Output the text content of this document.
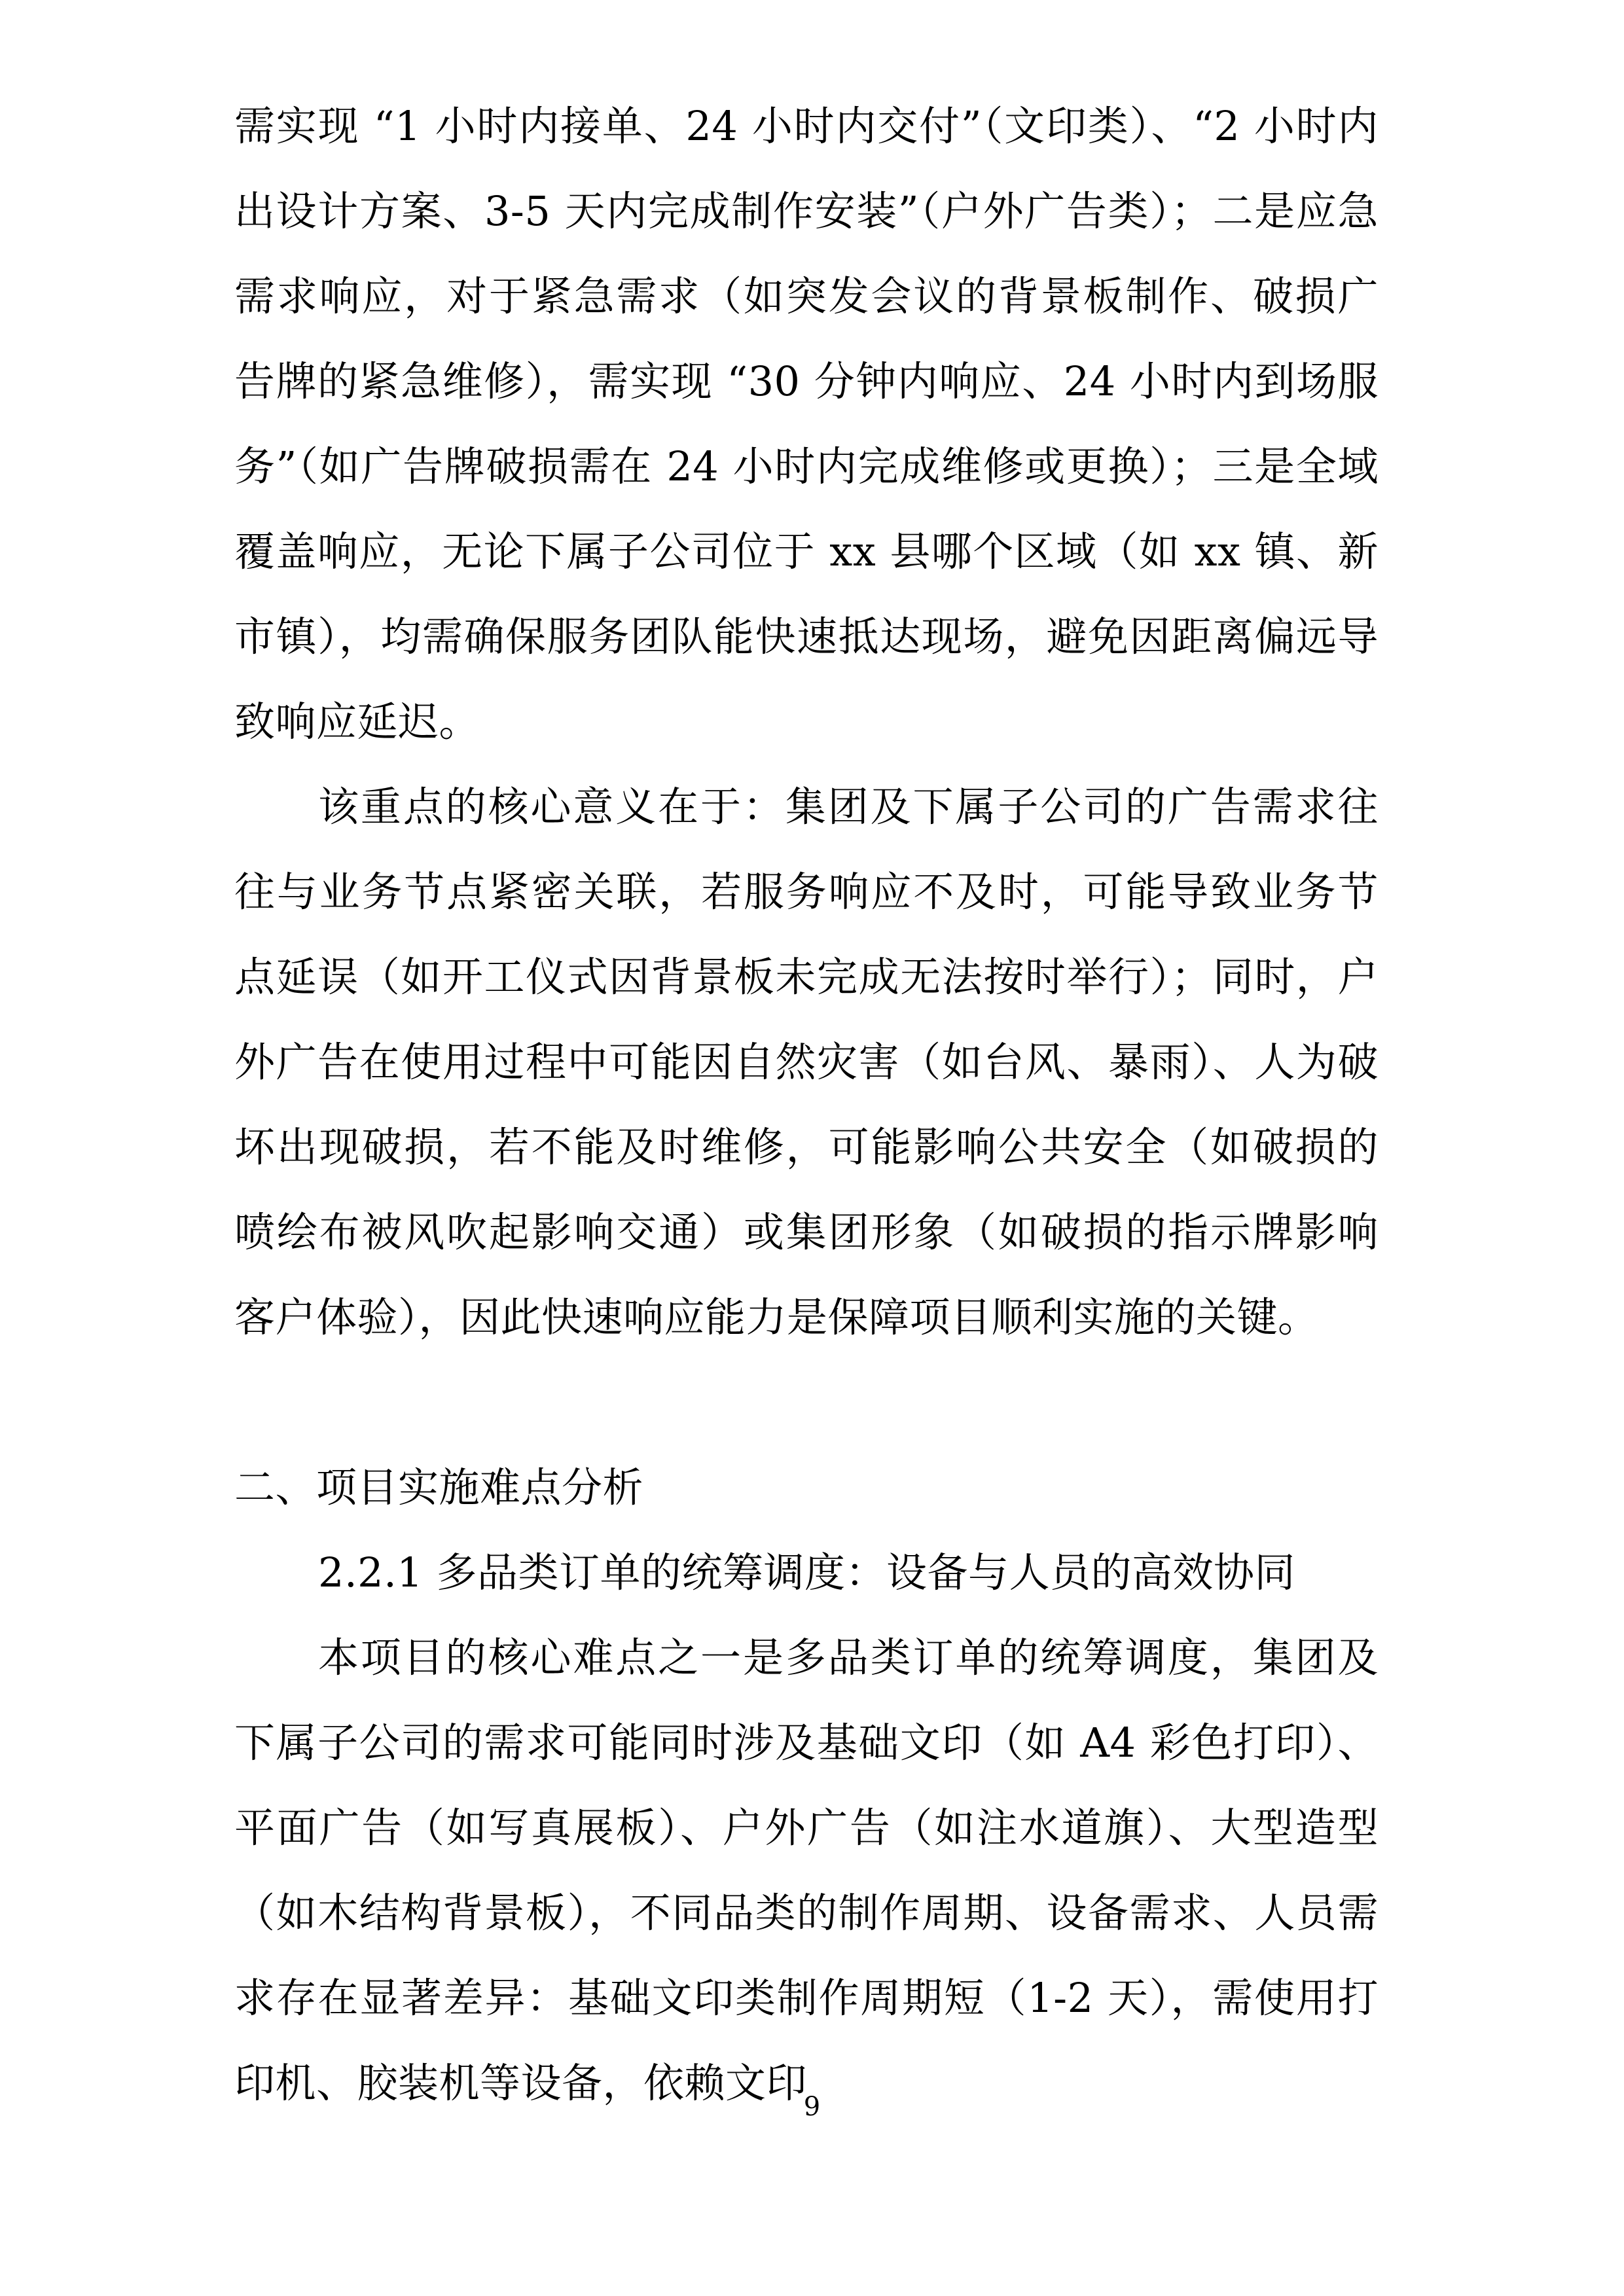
需实现 “1 小时内接单、24 小时内交付”（文印类）、“2 小时内出设计方案、3-5 天内完成制作安装”（户外广告类）；二是应急需求响应，对于紧急需求（如突发会议的背景板制作、破损广告牌的紧急维修），需实现 “30 分钟内响应、24 小时内到场服务”（如广告牌破损需在 24 小时内完成维修或更换）；三是全域覆盖响应，无论下属子公司位于 xx 县哪个区域（如 xx 镇、新市镇），均需确保服务团队能快速抵达现场，避免因距离偏远导致响应延迟。

该重点的核心意义在于：集团及下属子公司的广告需求往往与业务节点紧密关联，若服务响应不及时，可能导致业务节点延误（如开工仪式因背景板未完成无法按时举行）；同时，户外广告在使用过程中可能因自然灾害（如台风、暴雨）、人为破坏出现破损，若不能及时维修，可能影响公共安全（如破损的喷绘布被风吹起影响交通）或集团形象（如破损的指示牌影响客户体验），因此快速响应能力是保障项目顺利实施的关键。

二、项目实施难点分析

2.2.1 多品类订单的统筹调度：设备与人员的高效协同

本项目的核心难点之一是多品类订单的统筹调度，集团及下属子公司的需求可能同时涉及基础文印（如 A4 彩色打印）、平面广告（如写真展板）、户外广告（如注水道旗）、大型造型（如木结构背景板），不同品类的制作周期、设备需求、人员需求存在显著差异：基础文印类制作周期短（1-2 天），需使用打印机、胶装机等设备，依赖文印

9
